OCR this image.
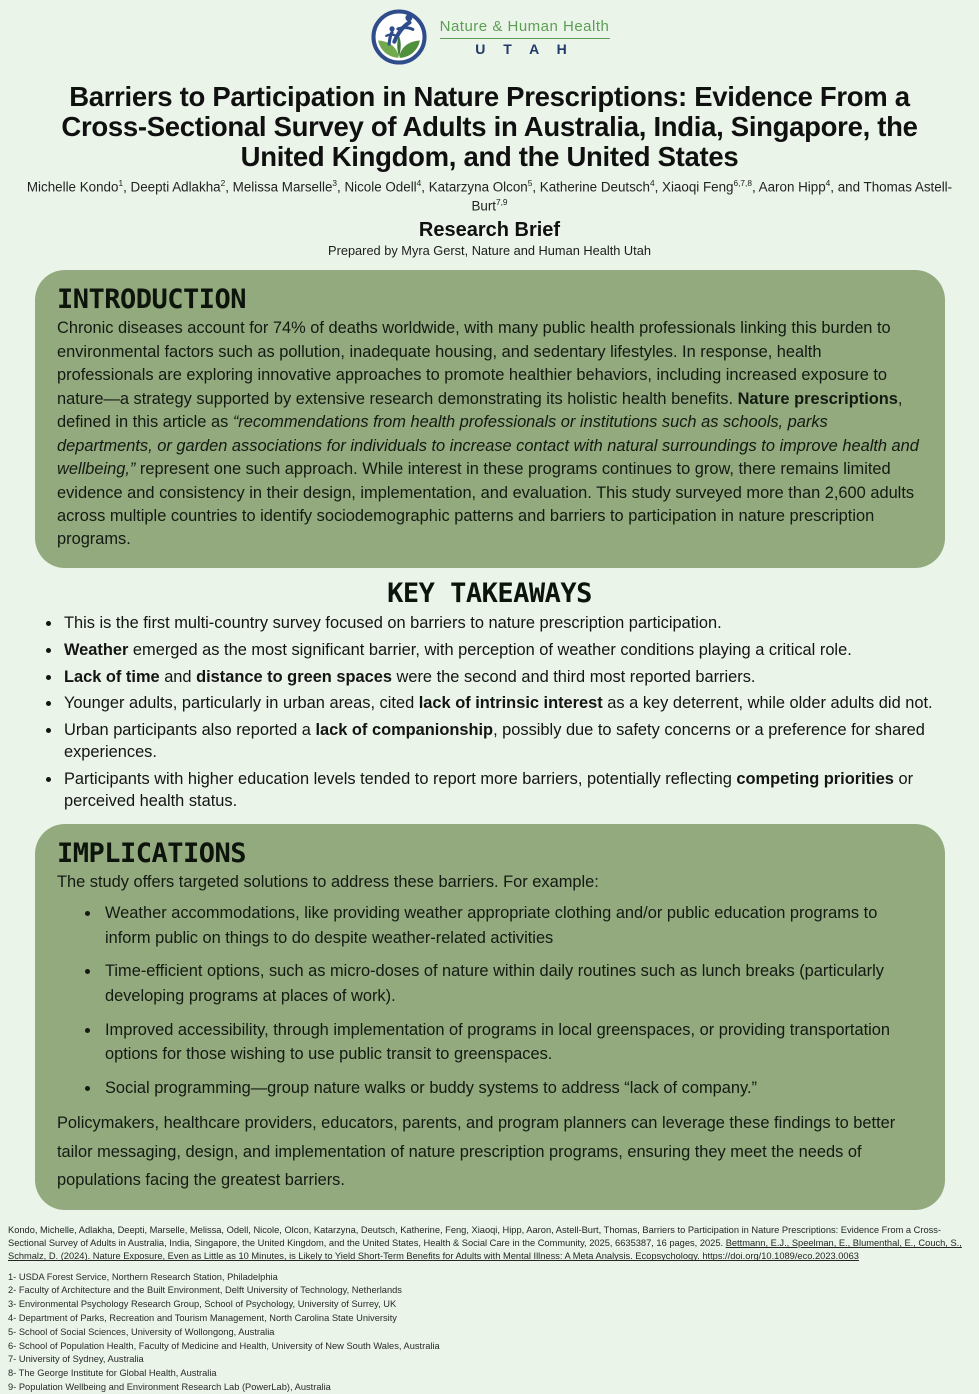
Nature & Human Health
U T A H
Barriers to Participation in Nature Prescriptions: Evidence From a Cross-Sectional Survey of Adults in Australia, India, Singapore, the United Kingdom, and the United States

Michelle Kondo$^1$, Deepti Adlakha$^2$, Melissa Marselle$^3$, Nicole Odell$^4$, Katarzyna Olcon$^5$, Katherine Deutsch$^4$, Xiaoqi Feng$^{6,7,8}$, Aaron Hipp$^4$, and Thomas Astell-Burt$^{7,9}$

Research Brief

Prepared by Myra Gerst, Nature and Human Health Utah

INTRODUCTION

Chronic diseases account for 74% of deaths worldwide, with many public health professionals linking this burden to environmental factors such as pollution, inadequate housing, and sedentary lifestyles. In response, health professionals are exploring innovative approaches to promote healthier behaviors, including increased exposure to nature—a strategy supported by extensive research demonstrating its holistic health benefits. Nature prescriptions, defined in this article as “recommendations from health professionals or institutions such as schools, parks departments, or garden associations for individuals to increase contact with natural surroundings to improve health and wellbeing,” represent one such approach. While interest in these programs continues to grow, there remains limited evidence and consistency in their design, implementation, and evaluation. This study surveyed more than 2,600 adults across multiple countries to identify sociodemographic patterns and barriers to participation in nature prescription programs.

KEY TAKEAWAYS
• This is the first multi-country survey focused on barriers to nature prescription participation.
• Weather emerged as the most significant barrier, with perception of weather conditions playing a critical role.
• Lack of time and distance to green spaces were the second and third most reported barriers.
• Younger adults, particularly in urban areas, cited lack of intrinsic interest as a key deterrent, while older adults did not.
• Urban participants also reported a lack of companionship, possibly due to safety concerns or a preference for shared experiences.
• Participants with higher education levels tended to report more barriers, potentially reflecting competing priorities or perceived health status.
IMPLICATIONS

The study offers targeted solutions to address these barriers. For example:

• Weather accommodations, like providing weather appropriate clothing and/or public education programs to inform public on things to do despite weather-related activities
• Time-efficient options, such as micro-doses of nature within daily routines such as lunch breaks (particularly developing programs at places of work).
• Improved accessibility, through implementation of programs in local greenspaces, or providing transportation options for those wishing to use public transit to greenspaces.
• Social programming—group nature walks or buddy systems to address “lack of company.”

Policymakers, healthcare providers, educators, parents, and program planners can leverage these findings to better tailor messaging, design, and implementation of nature prescription programs, ensuring they meet the needs of populations facing the greatest barriers.

Kondo, Michelle, Adlakha, Deepti, Marselle, Melissa, Odell, Nicole, Olcon, Katarzyna, Deutsch, Katherine, Feng, Xiaoqi, Hipp, Aaron, Astell-Burt, Thomas, Barriers to Participation in Nature Prescriptions: Evidence From a Cross-Sectional Survey of Adults in Australia, India, Singapore, the United Kingdom, and the United States, Health & Social Care in the Community, 2025, 6635387, 16 pages, 2025. Bettmann, E.J., Speelman, E., Blumenthal, E., Couch, S., Schmalz, D. (2024). Nature Exposure, Even as Little as 10 Minutes, is Likely to Yield Short-Term Benefits for Adults with Mental Illness: A Meta Analysis. Ecopsychology. https://doi.org/10.1089/eco.2023.0063

1- USDA Forest Service, Northern Research Station, Philadelphia
2- Faculty of Architecture and the Built Environment, Delft University of Technology, Netherlands
3- Environmental Psychology Research Group, School of Psychology, University of Surrey, UK
4- Department of Parks, Recreation and Tourism Management, North Carolina State University
5- School of Social Sciences, University of Wollongong, Australia
6- School of Population Health, Faculty of Medicine and Health, University of New South Wales, Australia
7- University of Sydney, Australia
8- The George Institute for Global Health, Australia
9- Population Wellbeing and Environment Research Lab (PowerLab), Australia
